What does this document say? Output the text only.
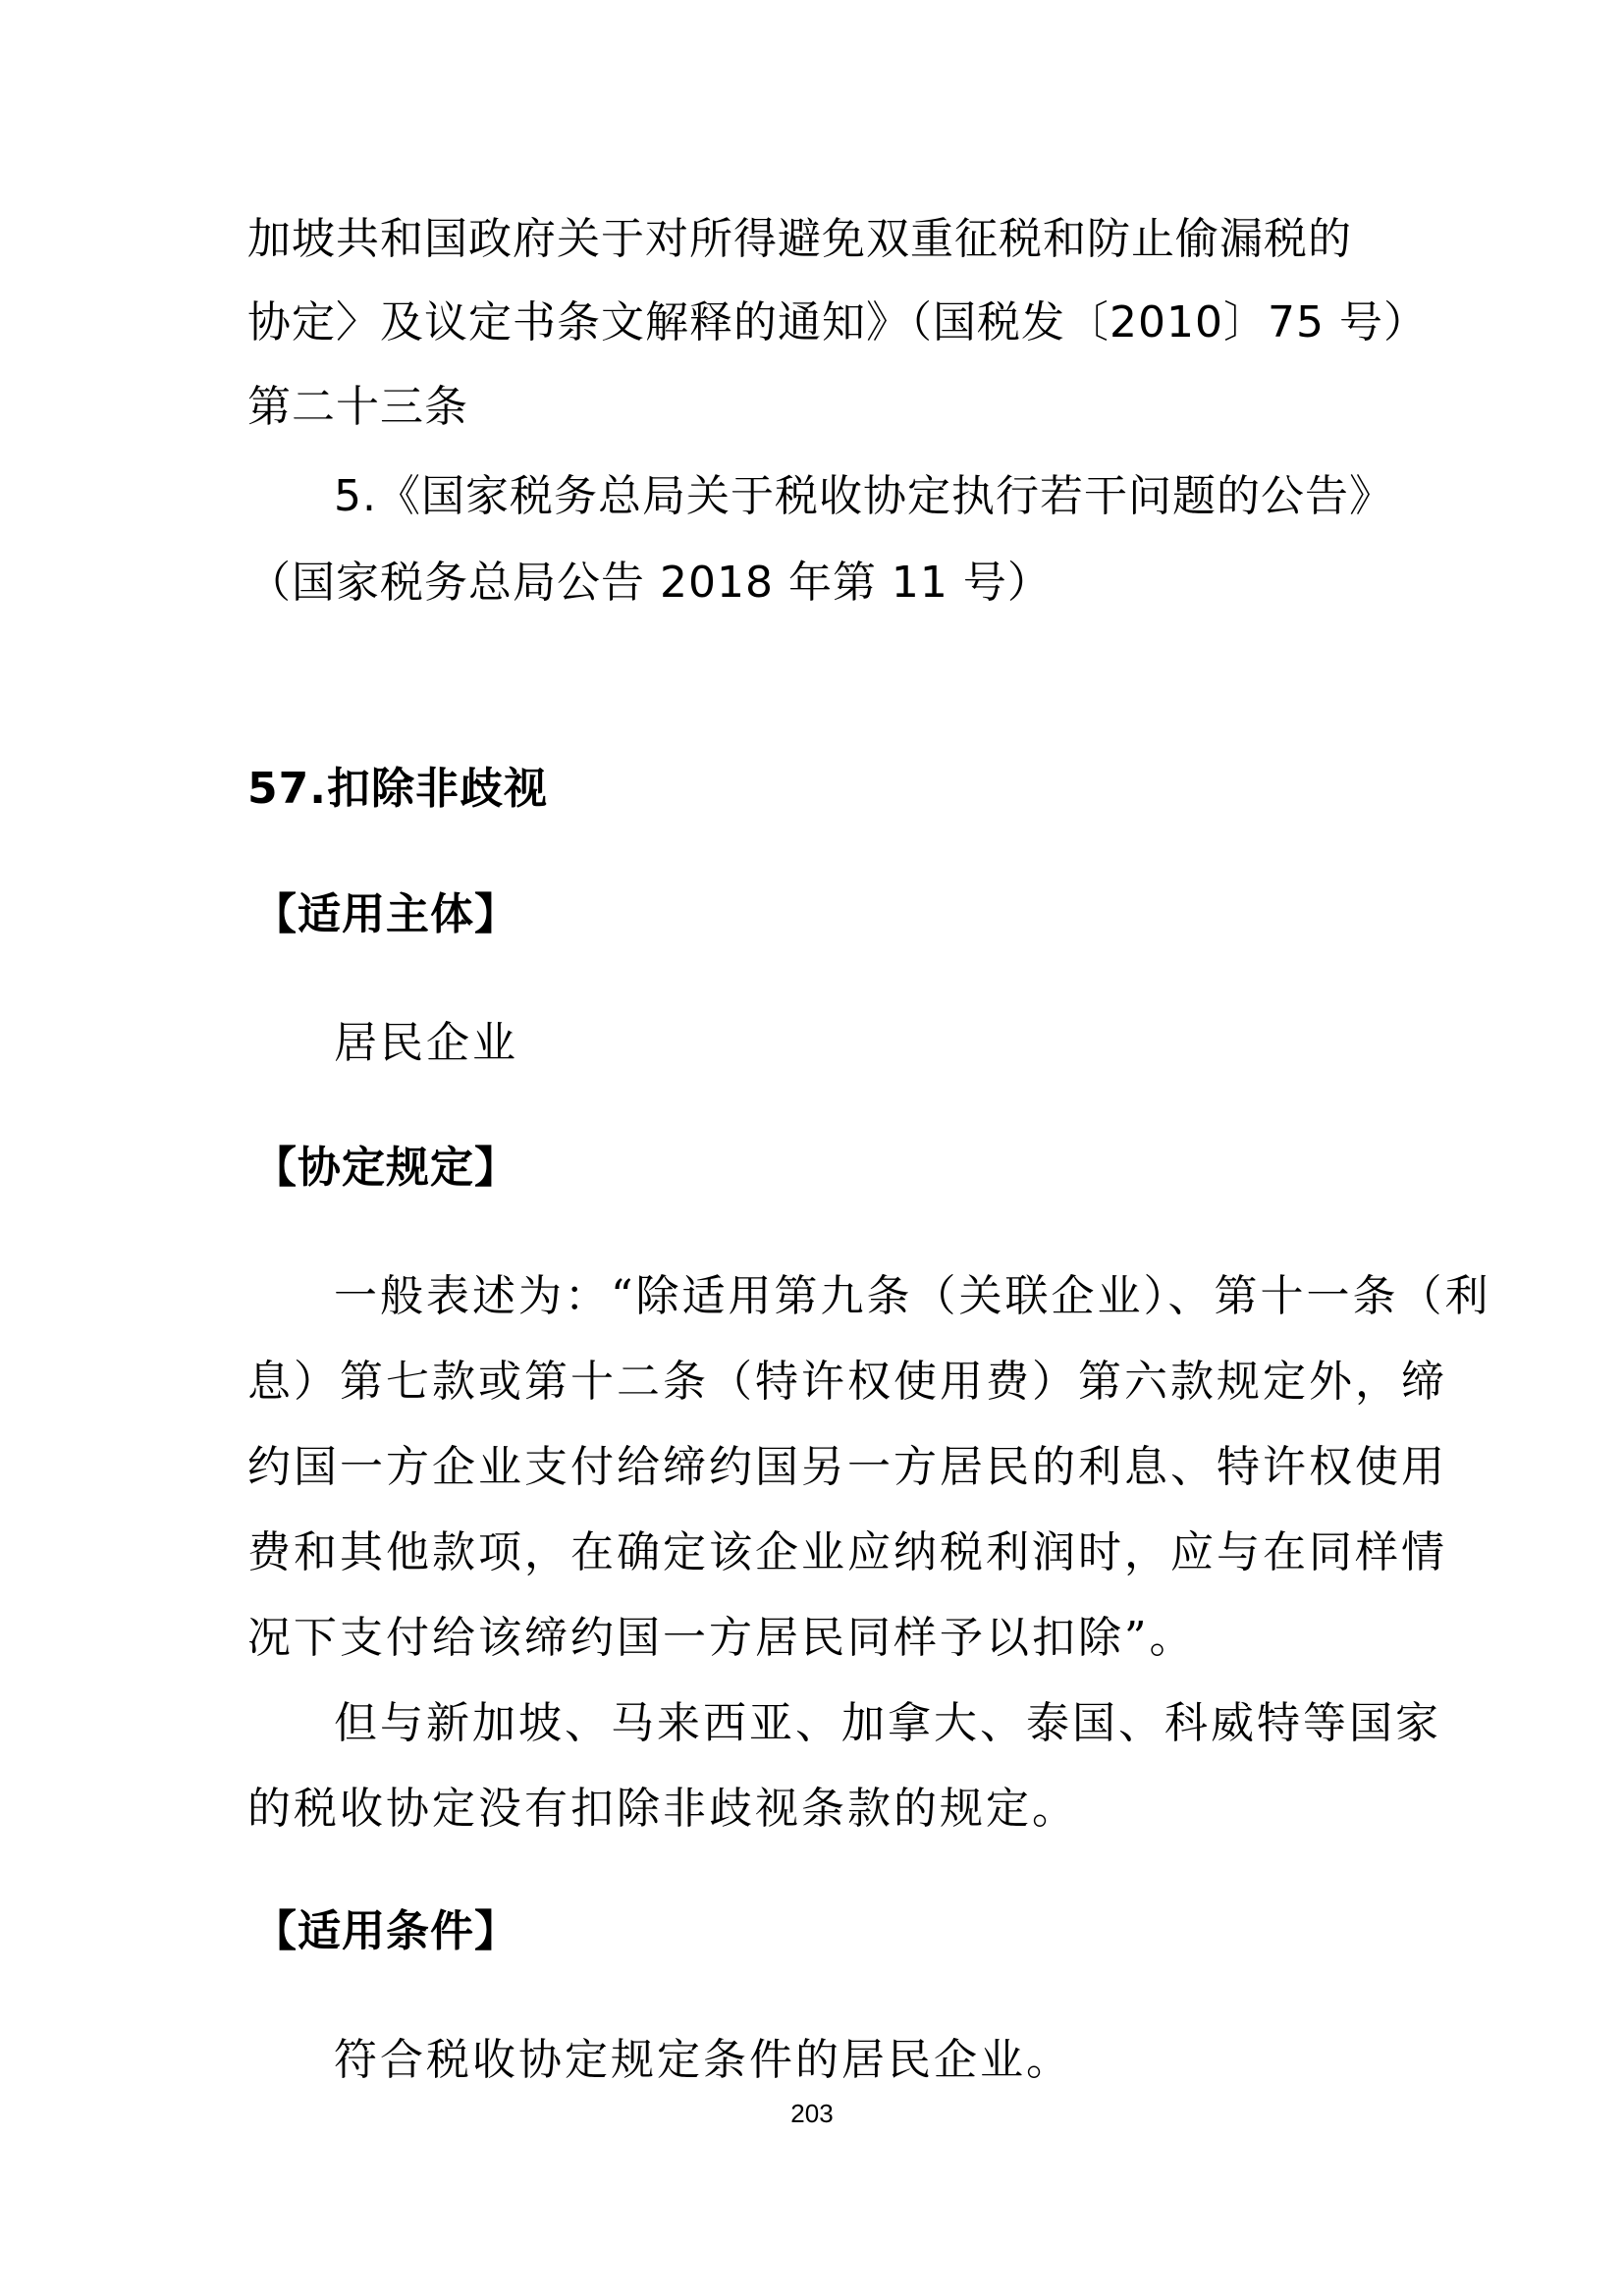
加坡共和国政府关于对所得避免双重征税和防止偷漏税的
协定〉及议定书条文解释的通知》（国税发〔2010〕75 号）
第二十三条
5.《国家税务总局关于税收协定执行若干问题的公告》
（国家税务总局公告 2018 年第 11 号）
57.扣除非歧视
【适用主体】
居民企业
【协定规定】
一般表述为：“除适用第九条（关联企业）、第十一条（利
息）第七款或第十二条（特许权使用费）第六款规定外，缔
约国一方企业支付给缔约国另一方居民的利息、特许权使用
费和其他款项，在确定该企业应纳税利润时，应与在同样情
况下支付给该缔约国一方居民同样予以扣除”。
但与新加坡、马来西亚、加拿大、泰国、科威特等国家
的税收协定没有扣除非歧视条款的规定。
【适用条件】
符合税收协定规定条件的居民企业。
203
